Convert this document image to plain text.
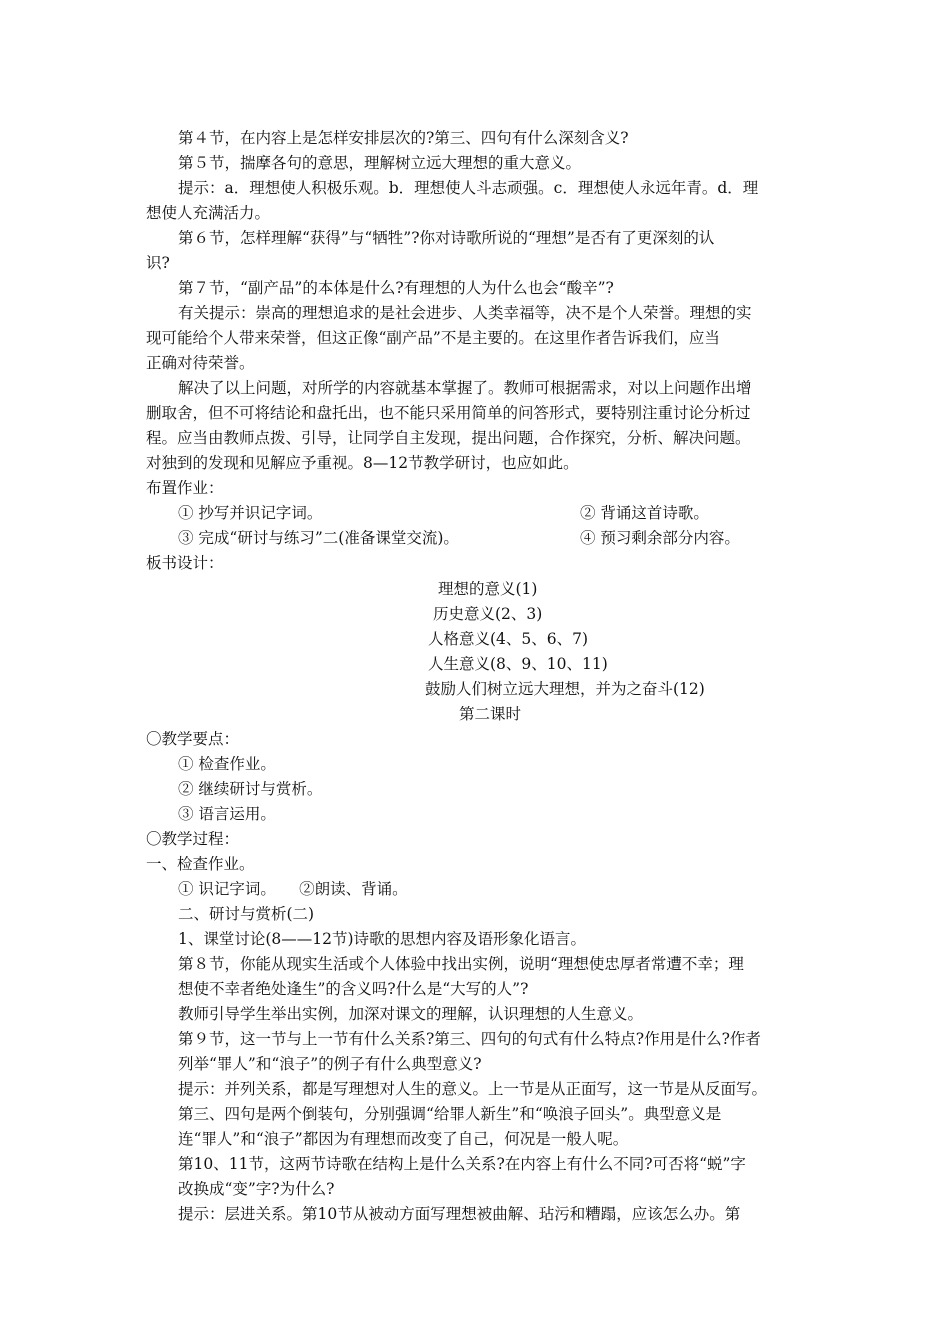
第４节，在内容上是怎样安排层次的?第三、四句有什么深刻含义?
第５节，揣摩各句的意思，理解树立远大理想的重大意义。
提示：a．理想使人积极乐观。b．理想使人斗志顽强。c．理想使人永远年青。d．理
想使人充满活力。
第６节，怎样理解“获得”与“牺牲”?你对诗歌所说的“理想”是否有了更深刻的认
识?
第７节，“副产品”的本体是什么?有理想的人为什么也会“酸辛”?
有关提示：崇高的理想追求的是社会进步、人类幸福等，决不是个人荣誉。理想的实
现可能给个人带来荣誉，但这正像“副产品”不是主要的。在这里作者告诉我们，应当
正确对待荣誉。
解决了以上问题，对所学的内容就基本掌握了。教师可根据需求，对以上问题作出增
删取舍，但不可将结论和盘托出，也不能只采用简单的问答形式，要特别注重讨论分析过
程。应当由教师点拨、引导，让同学自主发现，提出问题，合作探究，分析、解决问题。
对独到的发现和见解应予重视。8—12节教学研讨，也应如此。
布置作业：
① 抄写并识记字词。	② 背诵这首诗歌。
③ 完成“研讨与练习”二(准备课堂交流)。	④ 预习剩余部分内容。
板书设计：
理想的意义(1)
历史意义(2、3)
人格意义(4、5、6、7)
人生意义(8、9、10、11)
鼓励人们树立远大理想，并为之奋斗(12)
第二课时
〇教学要点：
① 检查作业。
② 继续研讨与赏析。
③ 语言运用。
〇教学过程：
一、检查作业。
① 识记字词。　　②朗读、背诵。
二、研讨与赏析(二)
1、课堂讨论(8——12节)诗歌的思想内容及语形象化语言。
第８节，你能从现实生活或个人体验中找出实例，说明“理想使忠厚者常遭不幸；理
想使不幸者绝处逢生”的含义吗?什么是“大写的人”?
教师引导学生举出实例，加深对课文的理解，认识理想的人生意义。
第９节，这一节与上一节有什么关系?第三、四句的句式有什么特点?作用是什么?作者
列举“罪人”和“浪子”的例子有什么典型意义?
提示：并列关系，都是写理想对人生的意义。上一节是从正面写，这一节是从反面写。
第三、四句是两个倒装句，分别强调“给罪人新生”和“唤浪子回头”。典型意义是
连“罪人”和“浪子”都因为有理想而改变了自己，何况是一般人呢。
第10、11节，这两节诗歌在结构上是什么关系?在内容上有什么不同?可否将“蜕”字
改换成“变”字?为什么?
提示：层进关系。第10节从被动方面写理想被曲解、玷污和糟蹋，应该怎么办。第
